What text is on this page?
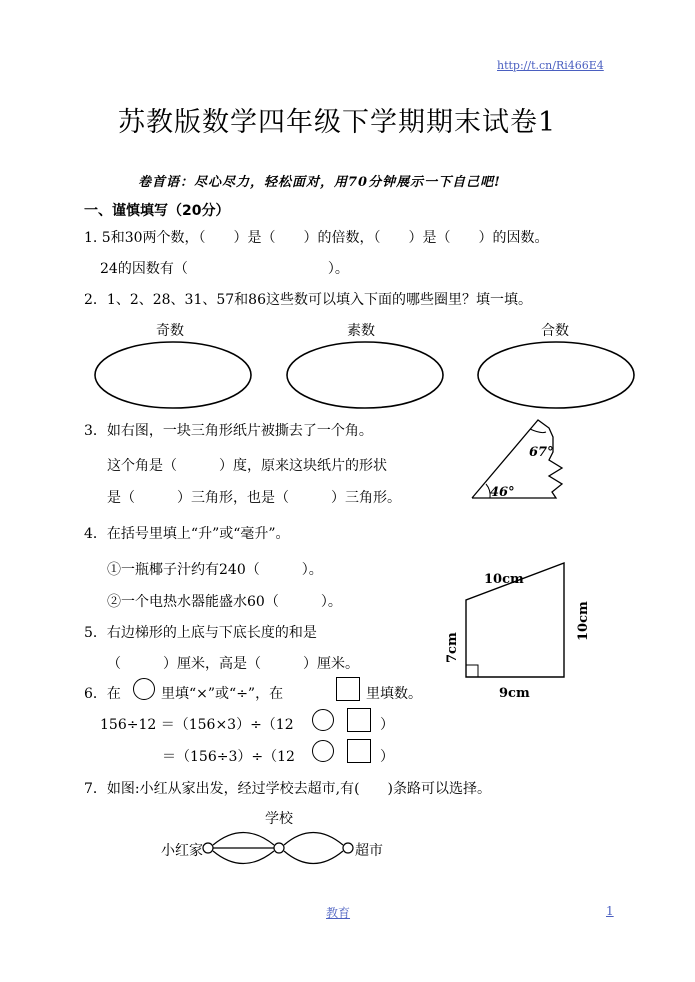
http://t.cn/Ri466E4
苏教版数学四年级下学期期末试卷1
卷首语：尽心尽力，轻松面对，用70分钟展示一下自己吧!
一、谨慎填写（20分）
1. 5和30两个数，（　　）是（　　）的倍数，（　　）是（　　）的因数。
24的因数有（　　　　　　　　　　）。
2．1、2、28、31、57和86这些数可以填入下面的哪些圈里？填一填。
奇数	素数	合数
67°
46°
10cm
9cm
10cm
7cm
3．如右图，一块三角形纸片被撕去了一个角。
这个角是（　　　）度，原来这块纸片的形状
是（　　　）三角形，也是（　　　）三角形。
4．在括号里填上“升”或“毫升”。
①一瓶椰子汁约有240（　　　）。
②一个电热水器能盛水60（　　　）。
5．右边梯形的上底与下底长度的和是
（　　　）厘米，高是（　　　）厘米。
6．在	里填“×”或“÷”，在	里填数。
156÷12 ＝（156×3）÷（12	）
＝（156÷3）÷（12	）
7．如图:小红从家出发，经过学校去超市,有(　　)条路可以选择。
学校
小红家	超市
教育	1
